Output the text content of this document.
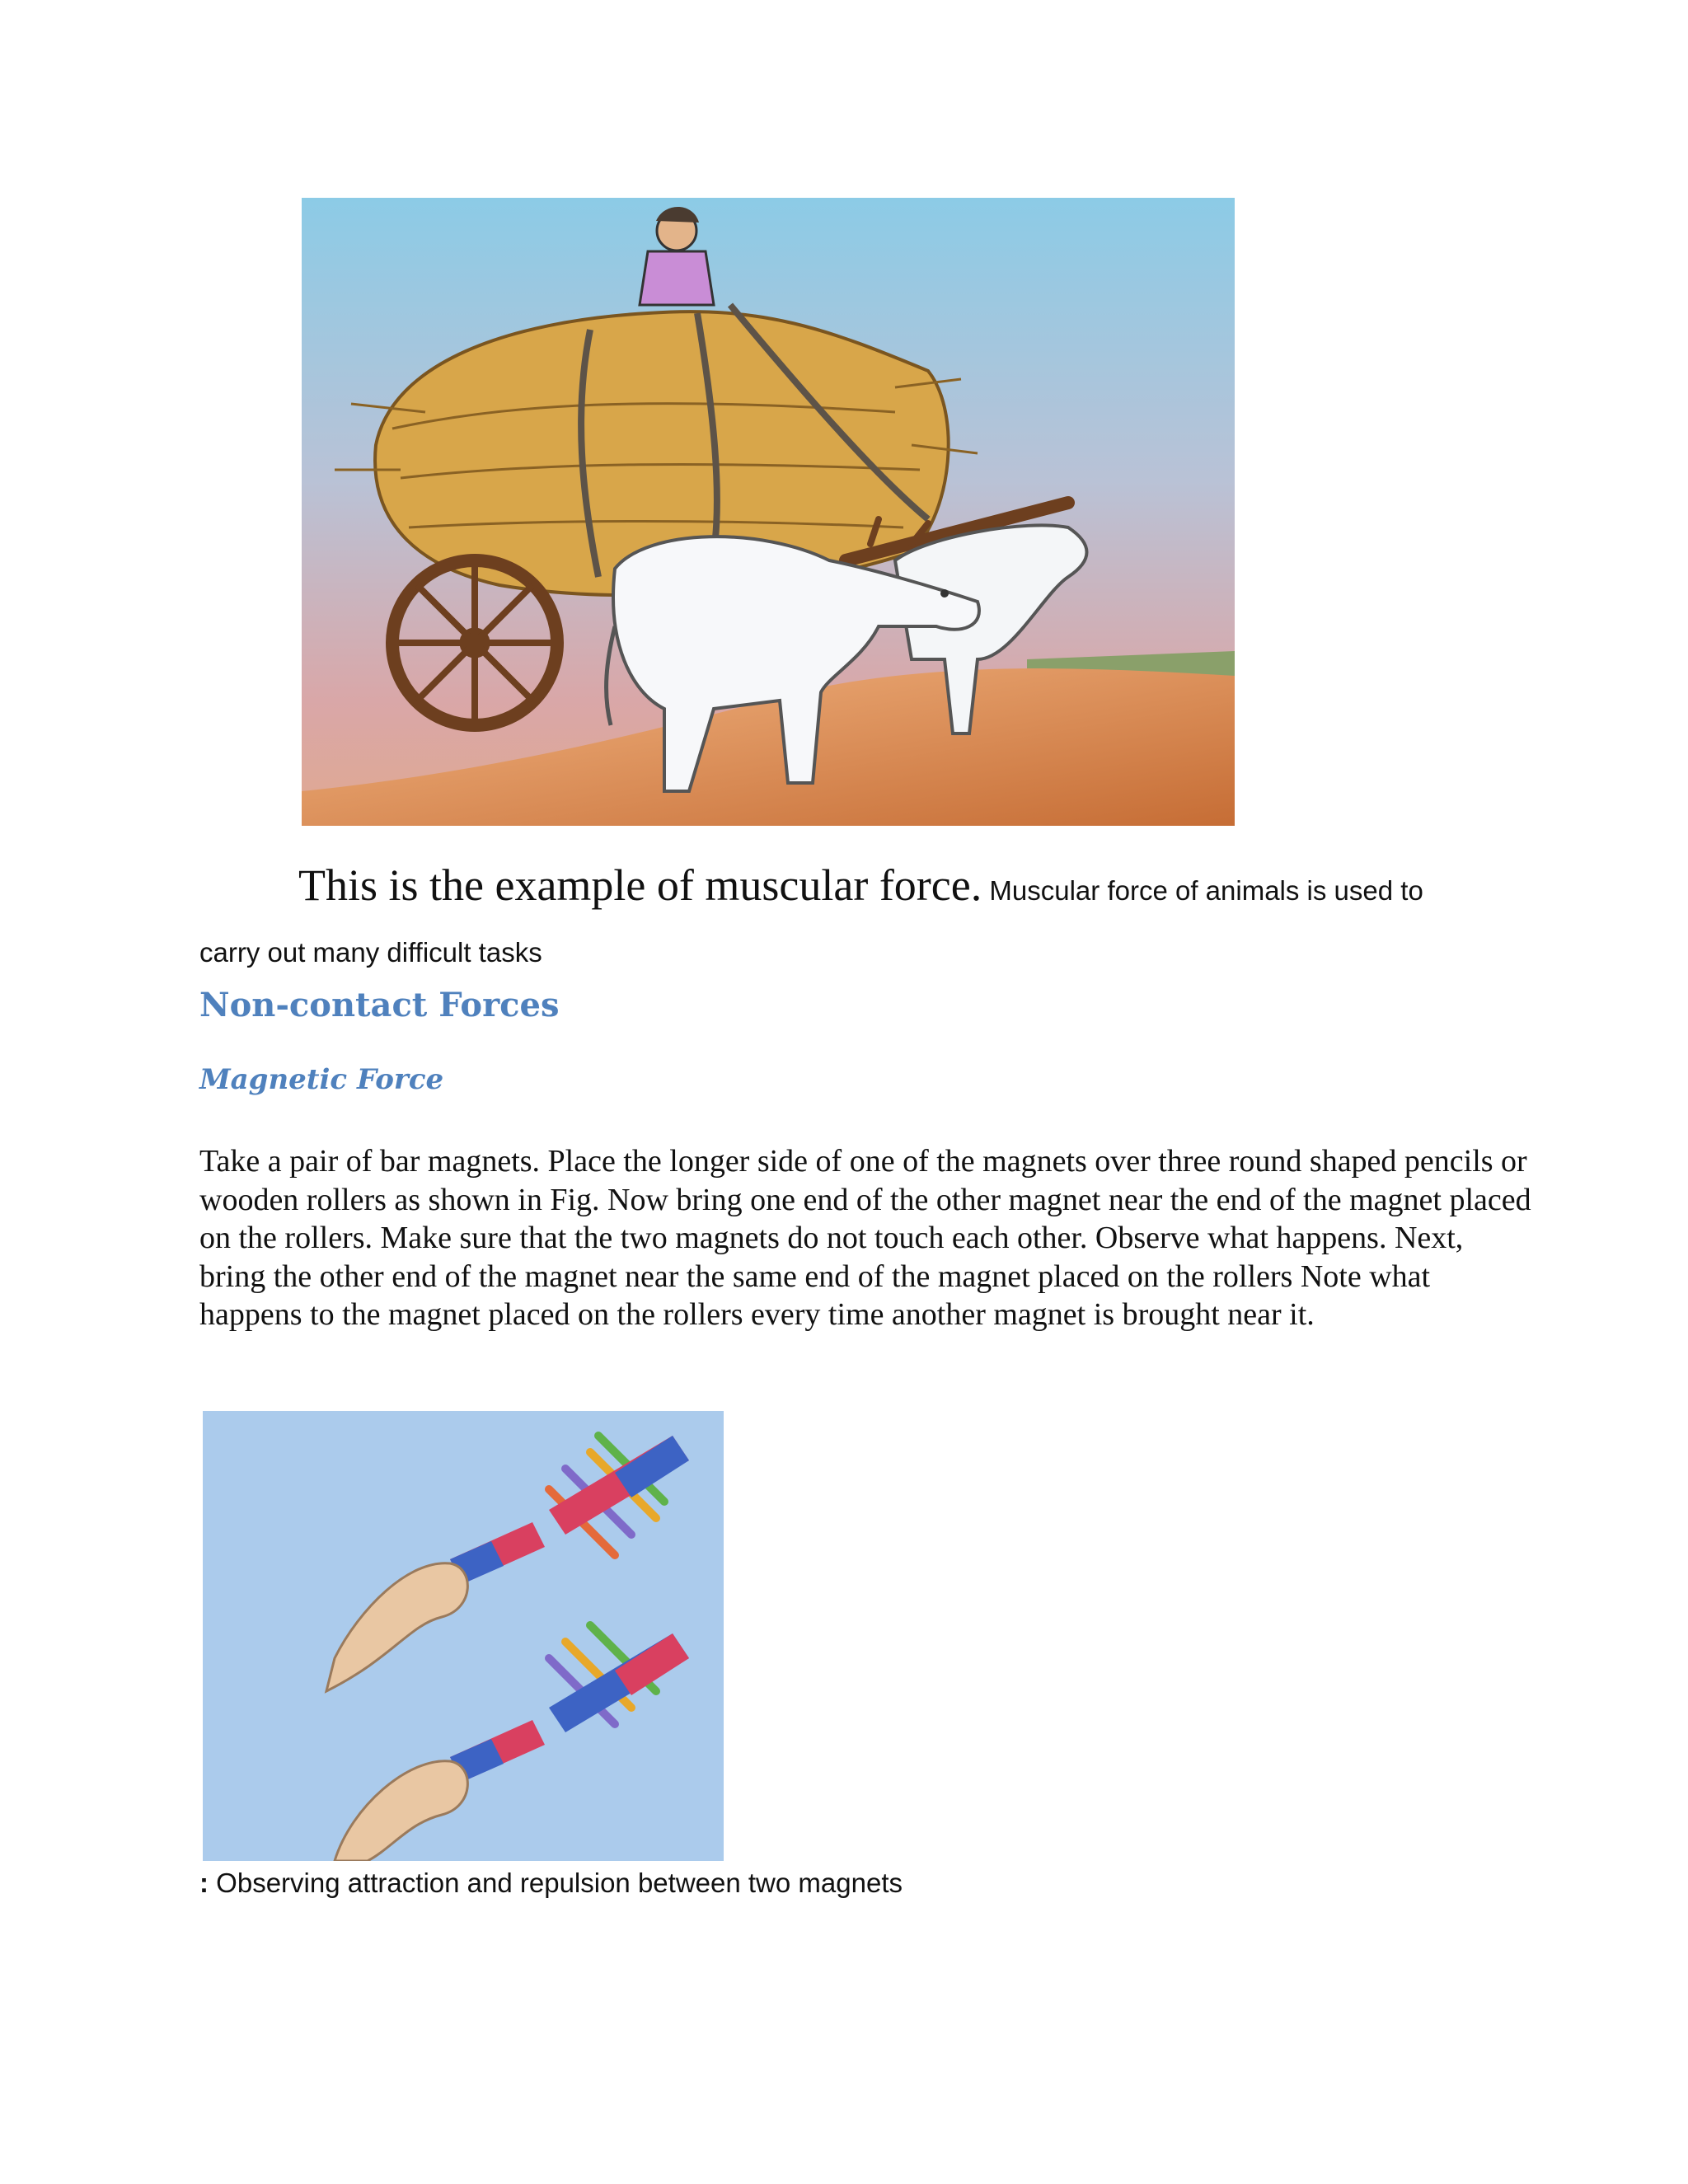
This is the example of muscular force. Muscular force of animals is used to carry out many difficult tasks

Non-contact Forces
Magnetic Force

Take a pair of bar magnets. Place the longer side of one of the magnets over three round shaped pencils or wooden rollers as shown in Fig. Now bring one end of the other magnet near the end of the magnet placed on the rollers. Make sure that the two magnets do not touch each other. Observe what happens. Next, bring the other end of the magnet near the same end of the magnet placed on the rollers Note what happens to the magnet placed on the rollers every time another magnet is brought near it.

: Observing attraction and repulsion between two magnets
